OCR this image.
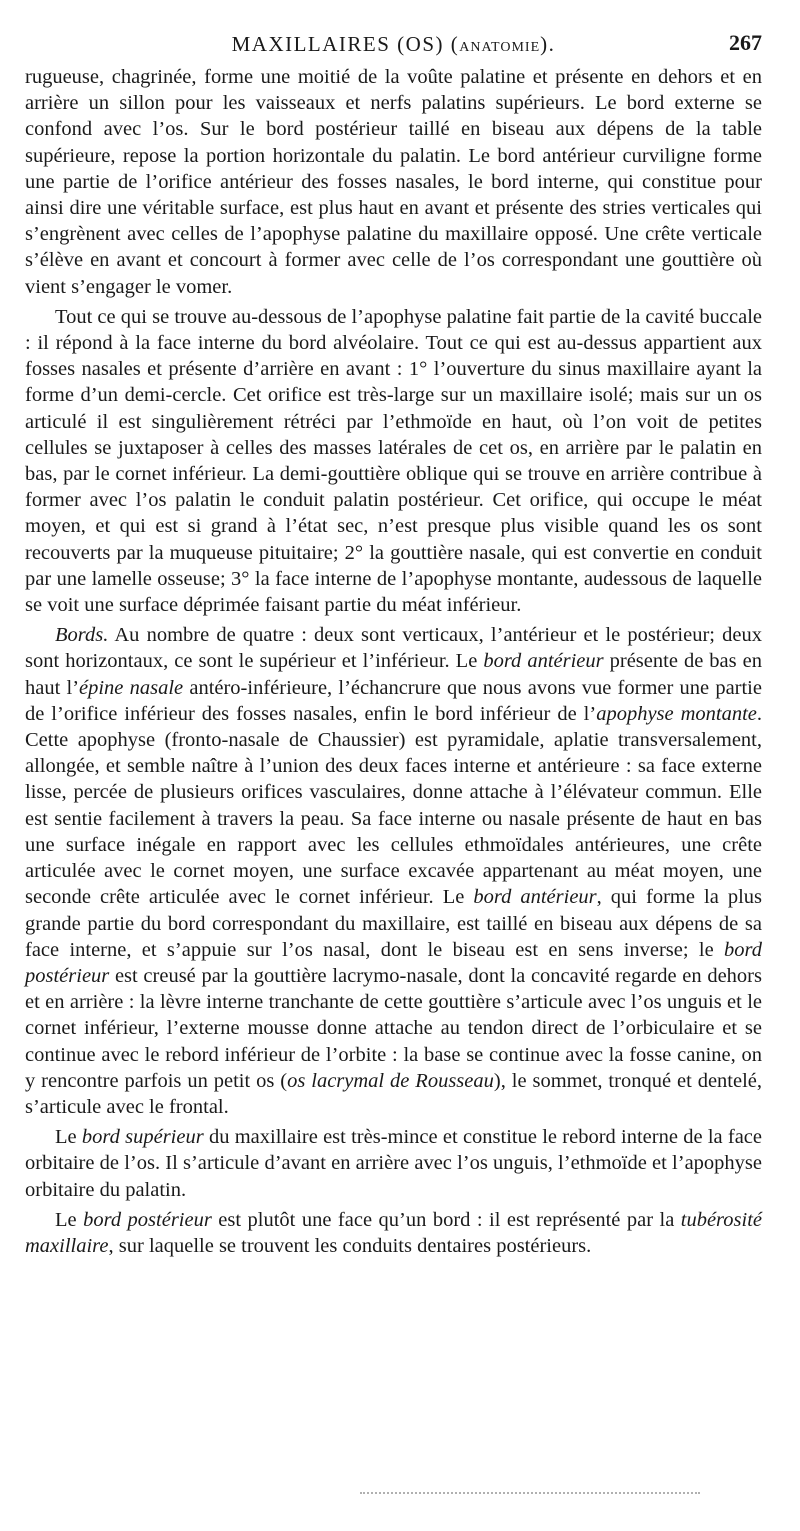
MAXILLAIRES (OS) (ANATOMIE).	267

rugueuse, chagrinée, forme une moitié de la voûte palatine et présente en dehors et en arrière un sillon pour les vaisseaux et nerfs palatins supérieurs. Le bord externe se confond avec l’os. Sur le bord postérieur taillé en biseau aux dépens de la table supérieure, repose la portion horizontale du palatin. Le bord antérieur curviligne forme une partie de l’orifice antérieur des fosses nasales, le bord interne, qui constitue pour ainsi dire une véritable surface, est plus haut en avant et présente des stries verticales qui s’engrènent avec celles de l’apophyse palatine du maxillaire opposé. Une crête verticale s’élève en avant et concourt à former avec celle de l’os correspondant une gouttière où vient s’engager le vomer.

Tout ce qui se trouve au-dessous de l’apophyse palatine fait partie de la cavité buccale : il répond à la face interne du bord alvéolaire. Tout ce qui est au-dessus appartient aux fosses nasales et présente d’arrière en avant : 1° l’ouverture du sinus maxillaire ayant la forme d’un demi-cercle. Cet orifice est très-large sur un maxillaire isolé; mais sur un os articulé il est singulièrement rétréci par l’ethmoïde en haut, où l’on voit de petites cellules se juxtaposer à celles des masses latérales de cet os, en arrière par le palatin en bas, par le cornet inférieur. La demi-gouttière oblique qui se trouve en arrière contribue à former avec l’os palatin le conduit palatin postérieur. Cet orifice, qui occupe le méat moyen, et qui est si grand à l’état sec, n’est presque plus visible quand les os sont recouverts par la muqueuse pituitaire; 2° la gouttière nasale, qui est convertie en conduit par une lamelle osseuse; 3° la face interne de l’apophyse montante, audessous de laquelle se voit une surface déprimée faisant partie du méat inférieur.

Bords. Au nombre de quatre : deux sont verticaux, l’antérieur et le postérieur; deux sont horizontaux, ce sont le supérieur et l’inférieur. Le bord antérieur présente de bas en haut l’épine nasale antéro-inférieure, l’échancrure que nous avons vue former une partie de l’orifice inférieur des fosses nasales, enfin le bord inférieur de l’apophyse montante. Cette apophyse (fronto-nasale de Chaussier) est pyramidale, aplatie transversalement, allongée, et semble naître à l’union des deux faces interne et antérieure : sa face externe lisse, percée de plusieurs orifices vasculaires, donne attache à l’élévateur commun. Elle est sentie facilement à travers la peau. Sa face interne ou nasale présente de haut en bas une surface inégale en rapport avec les cellules ethmoïdales antérieures, une crête articulée avec le cornet moyen, une surface excavée appartenant au méat moyen, une seconde crête articulée avec le cornet inférieur. Le bord antérieur, qui forme la plus grande partie du bord correspondant du maxillaire, est taillé en biseau aux dépens de sa face interne, et s’appuie sur l’os nasal, dont le biseau est en sens inverse; le bord postérieur est creusé par la gouttière lacrymo-nasale, dont la concavité regarde en dehors et en arrière : la lèvre interne tranchante de cette gouttière s’articule avec l’os unguis et le cornet inférieur, l’externe mousse donne attache au tendon direct de l’orbiculaire et se continue avec le rebord inférieur de l’orbite : la base se continue avec la fosse canine, on y rencontre parfois un petit os (os lacrymal de Rousseau), le sommet, tronqué et dentelé, s’articule avec le frontal.

Le bord supérieur du maxillaire est très-mince et constitue le rebord interne de la face orbitaire de l’os. Il s’articule d’avant en arrière avec l’os unguis, l’ethmoïde et l’apophyse orbitaire du palatin.

Le bord postérieur est plutôt une face qu’un bord : il est représenté par la tubérosité maxillaire, sur laquelle se trouvent les conduits dentaires postérieurs.
